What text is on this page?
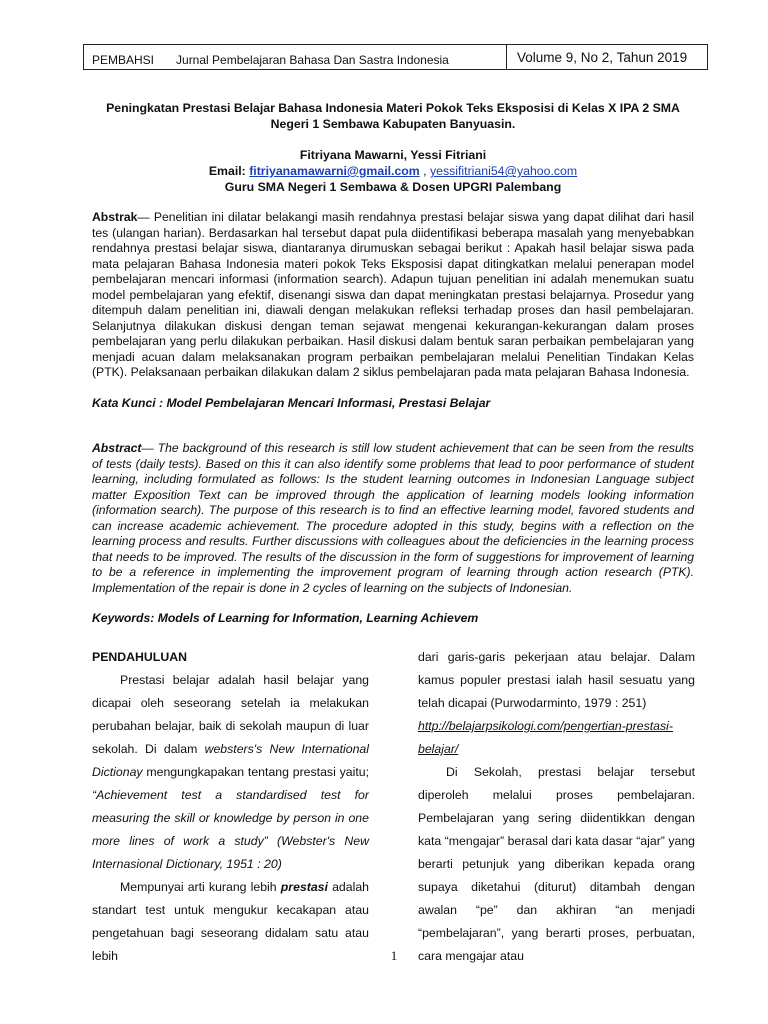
PEMBAHSI Jurnal Pembelajaran Bahasa Dan Sastra Indonesia	Volume 9, No 2, Tahun 2019
Peningkatan Prestasi Belajar Bahasa Indonesia Materi Pokok Teks Eksposisi di Kelas X IPA 2 SMA Negeri 1 Sembawa Kabupaten Banyuasin.
Fitriyana Mawarni, Yessi Fitriani
Email: fitriyanamawarni@gmail.com , yessifitriani54@yahoo.com
Guru SMA Negeri 1 Sembawa & Dosen UPGRI Palembang
Abstrak— Penelitian ini dilatar belakangi masih rendahnya prestasi belajar siswa yang dapat dilihat dari hasil tes (ulangan harian). Berdasarkan hal tersebut dapat pula diidentifikasi beberapa masalah yang menyebabkan rendahnya prestasi belajar siswa, diantaranya dirumuskan sebagai berikut : Apakah hasil belajar siswa pada mata pelajaran Bahasa Indonesia materi pokok Teks Eksposisi dapat ditingkatkan melalui penerapan model pembelajaran mencari informasi (information search). Adapun tujuan penelitian ini adalah menemukan suatu model pembelajaran yang efektif, disenangi siswa dan dapat meningkatan prestasi belajarnya. Prosedur yang ditempuh dalam penelitian ini, diawali dengan melakukan refleksi terhadap proses dan hasil pembelajaran. Selanjutnya dilakukan diskusi dengan teman sejawat mengenai kekurangan-kekurangan dalam proses pembelajaran yang perlu dilakukan perbaikan. Hasil diskusi dalam bentuk saran perbaikan pembelajaran yang menjadi acuan dalam melaksanakan program perbaikan pembelajaran melalui Penelitian Tindakan Kelas (PTK). Pelaksanaan perbaikan dilakukan dalam 2 siklus pembelajaran pada mata pelajaran Bahasa Indonesia.
Kata Kunci : Model Pembelajaran Mencari Informasi, Prestasi Belajar
Abstract— The background of this research is still low student achievement that can be seen from the results of tests (daily tests). Based on this it can also identify some problems that lead to poor performance of student learning, including formulated as follows: Is the student learning outcomes in Indonesian Language subject matter Exposition Text can be improved through the application of learning models looking information (information search). The purpose of this research is to find an effective learning model, favored students and can increase academic achievement. The procedure adopted in this study, begins with a reflection on the learning process and results. Further discussions with colleagues about the deficiencies in the learning process that needs to be improved. The results of the discussion in the form of suggestions for improvement of learning to be a reference in implementing the improvement program of learning through action research (PTK). Implementation of the repair is done in 2 cycles of learning on the subjects of Indonesian.
Keywords: Models of Learning for Information, Learning Achievem

PENDAHULUAN

Prestasi belajar adalah hasil belajar yang dicapai oleh seseorang setelah ia melakukan perubahan belajar, baik di sekolah maupun di luar sekolah. Di dalam websters's New International Dictionay mengungkapakan tentang prestasi yaitu; “Achievement test a standardised test for measuring the skill or knowledge by person in one more lines of work a study” (Webster's New Internasional Dictionary, 1951 : 20)

Mempunyai arti kurang lebih prestasi adalah standart test untuk mengukur kecakapan atau pengetahuan bagi seseorang didalam satu atau lebih

dari garis-garis pekerjaan atau belajar. Dalam kamus populer prestasi ialah hasil sesuatu yang telah dicapai (Purwodarminto, 1979 : 251)

http://belajarpsikologi.com/pengertian-prestasi-belajar/

Di Sekolah, prestasi belajar tersebut diperoleh melalui proses pembelajaran. Pembelajaran yang sering diidentikkan dengan kata “mengajar” berasal dari kata dasar “ajar” yang berarti petunjuk yang diberikan kepada orang supaya diketahui (diturut) ditambah dengan awalan “pe” dan akhiran “an menjadi “pembelajaran”, yang berarti proses, perbuatan, cara mengajar atau

1
